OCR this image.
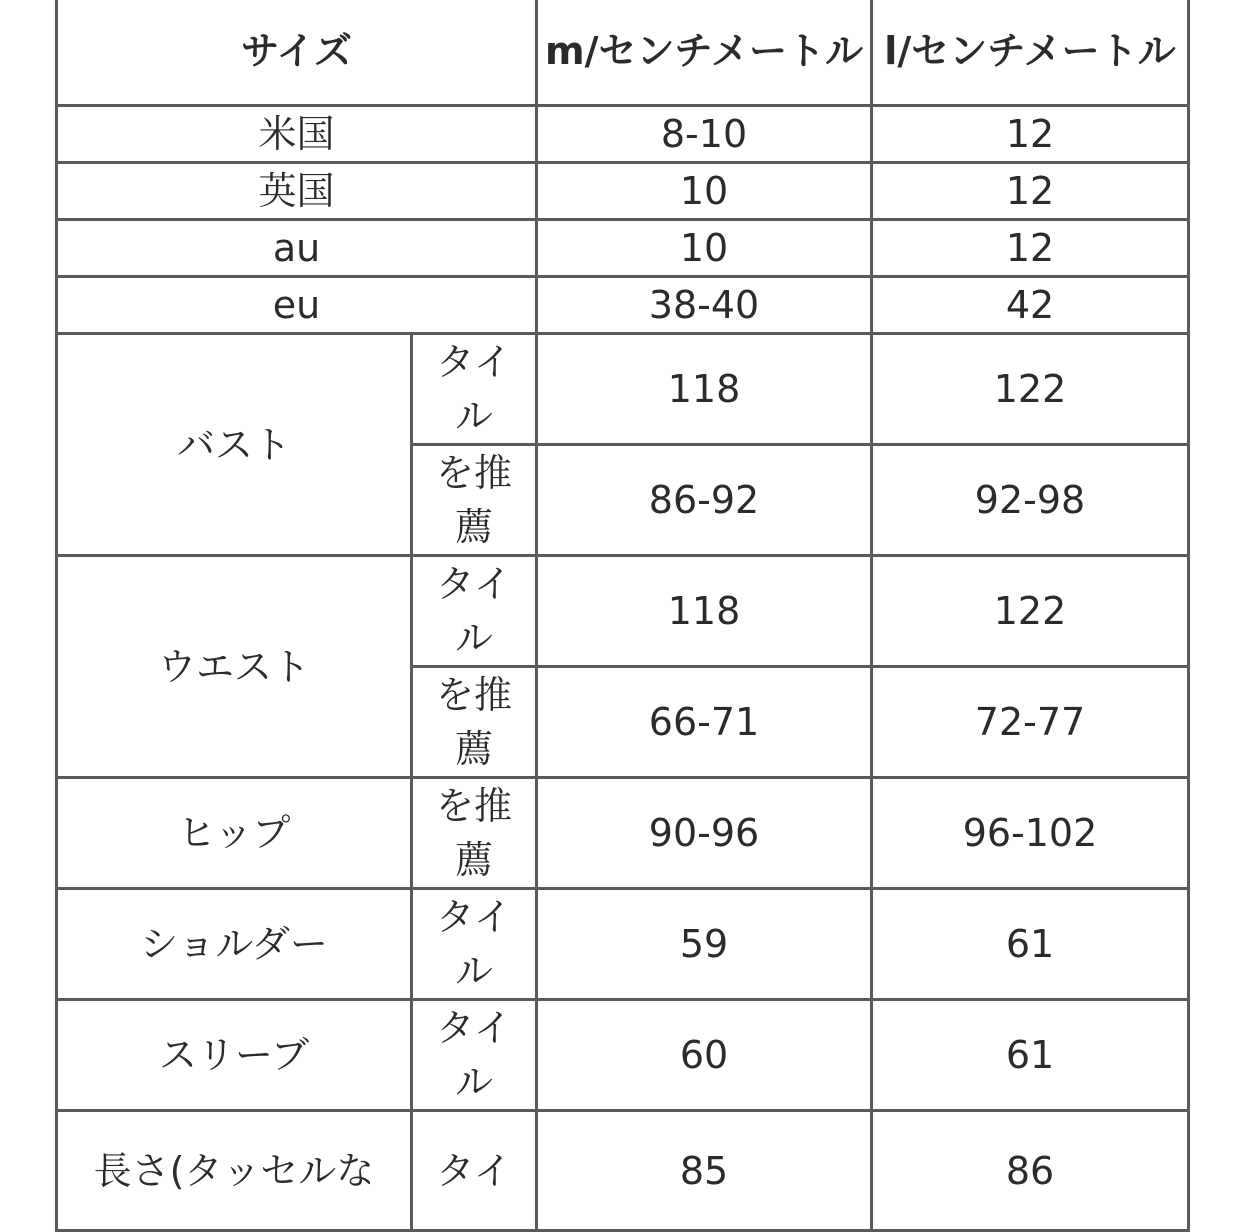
サイズ		m/センチメートル	l/センチメートル
米国		8-10	12
英国		10	12
au		10	12
eu		38-40	42
バスト	タイル	118	122
	を推薦	86-92	92-98
ウエスト	タイル	118	122
	を推薦	66-71	72-77
ヒップ	を推薦	90-96	96-102
ショルダー	タイル	59	61
スリーブ	タイル	60	61
長さ(タッセルな	タイ	85	86
